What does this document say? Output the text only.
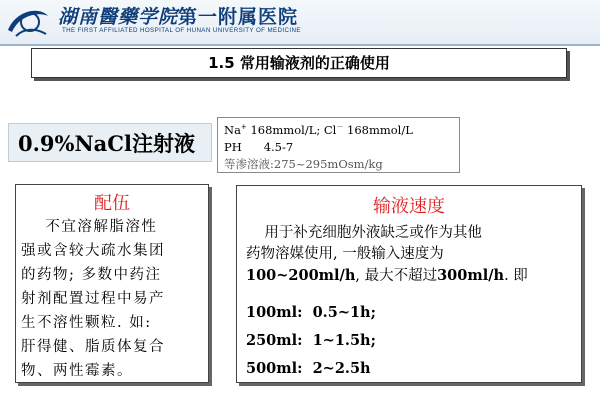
湖南醫藥学院第一附属医院
THE FIRST AFFILIATED HOSPITAL OF HUNAN UNIVERSITY OF MEDICINE
1.5 常用输液剂的正确使用
0.9%NaCl注射液
Na+ 168mmol/L; Cl－ 168mmol/L
PH      4.5-7
等渗溶液:275~295mOsm/kg
配伍
不宜溶解脂溶性
强或含较大疏水集团
的药物; 多数中药注
射剂配置过程中易产
生不溶性颗粒. 如:
肝得健、脂质体复合
物、两性霉素。
输液速度
用于补充细胞外液缺乏或作为其他
药物溶媒使用, 一般输入速度为
100~200ml/h, 最大不超过300ml/h. 即
100ml: 0.5~1h;
250ml: 1~1.5h;
500ml: 2~2.5h
